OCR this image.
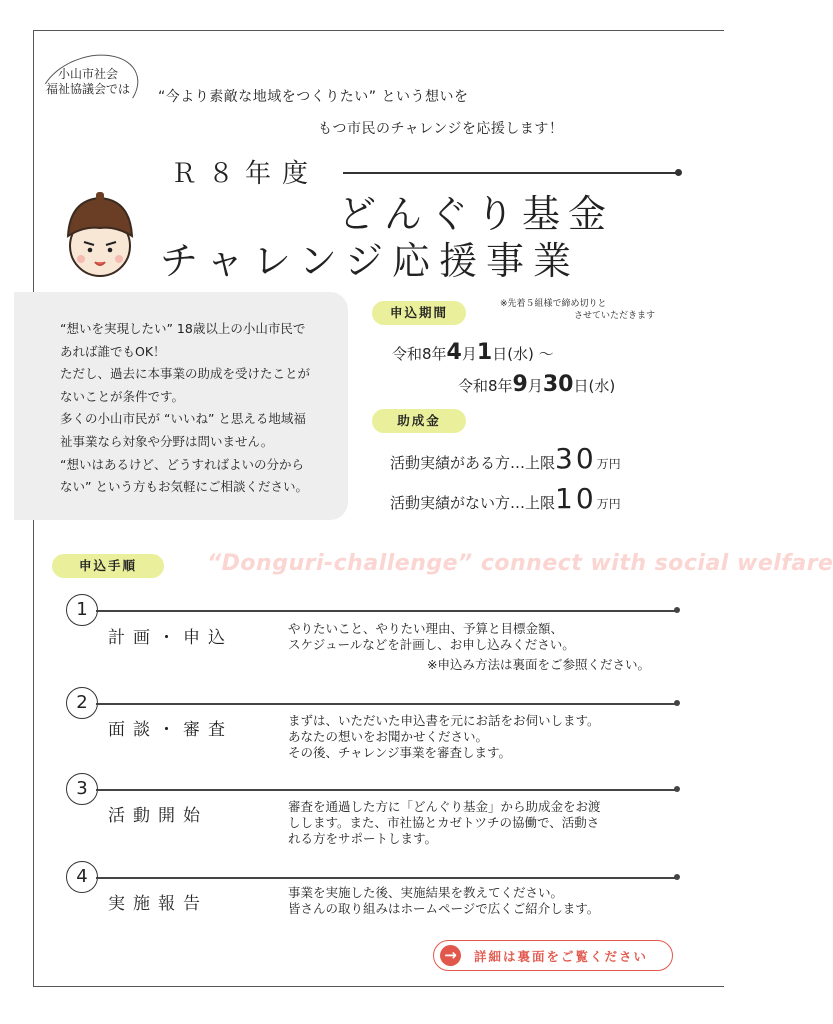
小山市社会
福祉協議会では “今より素敵な地域をつくりたい” という想いを
もつ市民のチャレンジを応援します！
Ｒ８年度
どんぐり基金
チャレンジ応援事業
“想いを実現したい” 18歳以上の小山市民で
あれば誰でもOK！
ただし、過去に本事業の助成を受けたことが
ないことが条件です。
多くの小山市民が “いいね” と思える地域福
祉事業なら対象や分野は問いません。
“想いはあるけど、どうすればよいの分から
ない” という方もお気軽にご相談ください。
申込期間
※先着５組様で締め切りと
させていただきます
令和8年4月1日(水) ～
令和8年9月30日(水)
助成金
活動実績がある方…上限30万円
活動実績がない方…上限10万円
申込手順	“Donguri-challenge” connect with social welfare
1
計画・申込	やりたいこと、やりたい理由、予算と目標金額、
スケジュールなどを計画し、お申し込みください。
※申込み方法は裏面をご参照ください。
2
面談・審査	まずは、いただいた申込書を元にお話をお伺いします。
あなたの想いをお聞かせください。
その後、チャレンジ事業を審査します。
3
活動開始	審査を通過した方に「どんぐり基金」から助成金をお渡
しします。また、市社協とカゼトツチの協働で、活動さ
れる方をサポートします。
4
実施報告
事業を実施した後、実施結果を教えてください。
皆さんの取り組みはホームページで広くご紹介します。
→	詳細は裏面をご覧ください
